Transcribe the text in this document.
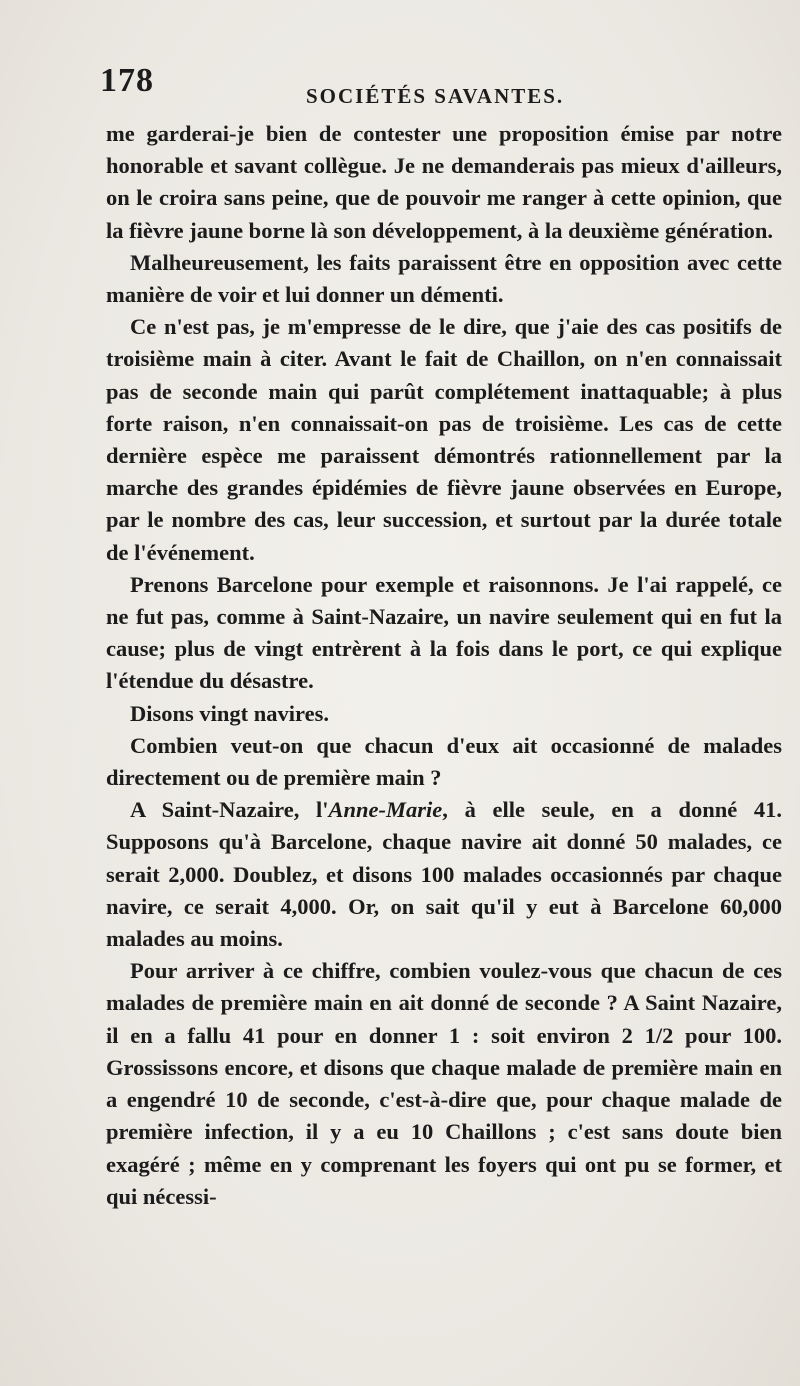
178	SOCIÉTÉS SAVANTES.

me garderai-je bien de contester une proposition émise par notre honorable et savant collègue. Je ne demanderais pas mieux d'ailleurs, on le croira sans peine, que de pouvoir me ranger à cette opinion, que la fièvre jaune borne là son développement, à la deuxième génération.

Malheureusement, les faits paraissent être en opposition avec cette manière de voir et lui donner un démenti.

Ce n'est pas, je m'empresse de le dire, que j'aie des cas positifs de troisième main à citer. Avant le fait de Chaillon, on n'en connaissait pas de seconde main qui parût complétement inattaquable; à plus forte raison, n'en connaissait-on pas de troisième. Les cas de cette dernière espèce me paraissent démontrés rationnellement par la marche des grandes épidémies de fièvre jaune observées en Europe, par le nombre des cas, leur succession, et surtout par la durée totale de l'événement.

Prenons Barcelone pour exemple et raisonnons. Je l'ai rappelé, ce ne fut pas, comme à Saint-Nazaire, un navire seulement qui en fut la cause; plus de vingt entrèrent à la fois dans le port, ce qui explique l'étendue du désastre.

Disons vingt navires.

Combien veut-on que chacun d'eux ait occasionné de malades directement ou de première main ?

A Saint-Nazaire, l'Anne-Marie, à elle seule, en a donné 41. Supposons qu'à Barcelone, chaque navire ait donné 50 malades, ce serait 2,000. Doublez, et disons 100 malades occasionnés par chaque navire, ce serait 4,000. Or, on sait qu'il y eut à Barcelone 60,000 malades au moins.

Pour arriver à ce chiffre, combien voulez-vous que chacun de ces malades de première main en ait donné de seconde ? A Saint Nazaire, il en a fallu 41 pour en donner 1 : soit environ 2 1/2 pour 100. Grossissons encore, et disons que chaque malade de première main en a engendré 10 de seconde, c'est-à-dire que, pour chaque malade de première infection, il y a eu 10 Chaillons ; c'est sans doute bien exagéré ; même en y comprenant les foyers qui ont pu se former, et qui nécessi-
